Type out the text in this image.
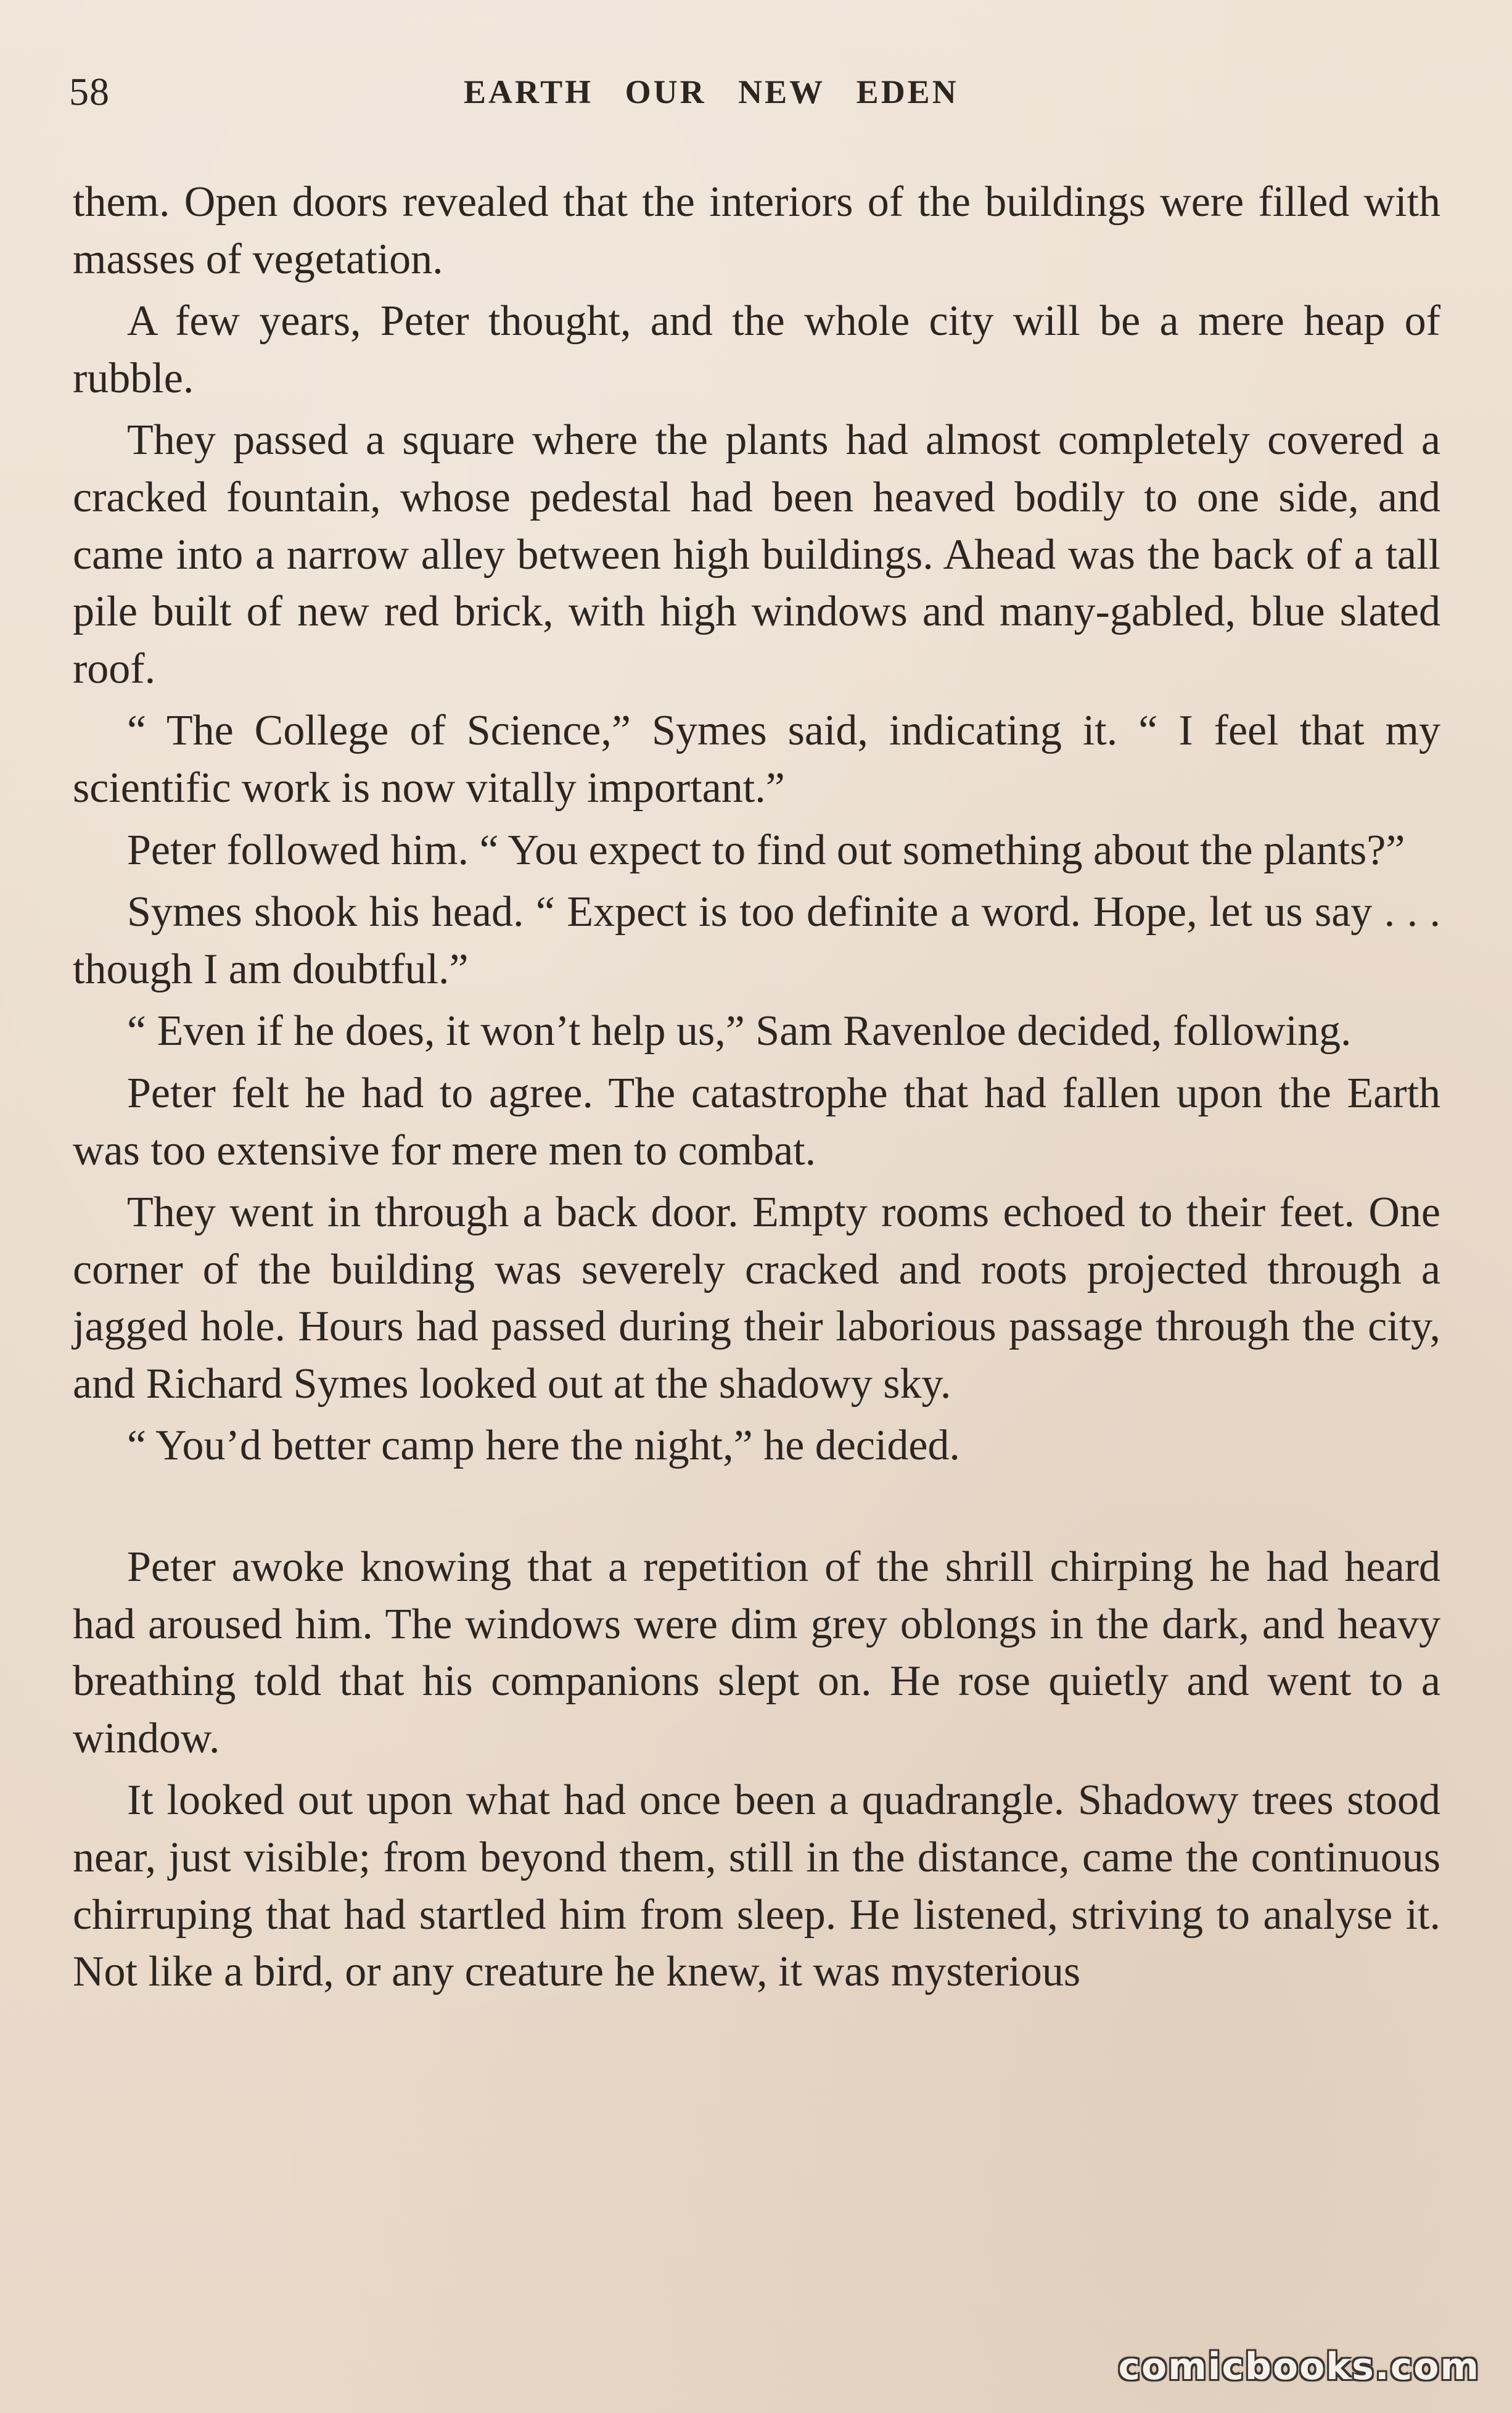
58	EARTH OUR NEW EDEN

them. Open doors revealed that the interiors of the buildings were filled with masses of vegetation.

A few years, Peter thought, and the whole city will be a mere heap of rubble.

They passed a square where the plants had almost completely covered a cracked fountain, whose pedestal had been heaved bodily to one side, and came into a narrow alley between high buildings. Ahead was the back of a tall pile built of new red brick, with high windows and many-gabled, blue slated roof.

“ The College of Science,” Symes said, indicating it. “ I feel that my scientific work is now vitally important.”

Peter followed him. “ You expect to find out something about the plants?”

Symes shook his head. “ Expect is too definite a word. Hope, let us say . . . though I am doubtful.”

“ Even if he does, it won’t help us,” Sam Ravenloe decided, following.

Peter felt he had to agree. The catastrophe that had fallen upon the Earth was too extensive for mere men to combat.

They went in through a back door. Empty rooms echoed to their feet. One corner of the building was severely cracked and roots projected through a jagged hole. Hours had passed during their laborious passage through the city, and Richard Symes looked out at the shadowy sky.

“ You’d better camp here the night,” he decided.

Peter awoke knowing that a repetition of the shrill chirping he had heard had aroused him. The windows were dim grey oblongs in the dark, and heavy breathing told that his companions slept on. He rose quietly and went to a window.

It looked out upon what had once been a quadrangle. Shadowy trees stood near, just visible; from beyond them, still in the distance, came the continuous chirruping that had startled him from sleep. He listened, striving to analyse it. Not like a bird, or any creature he knew, it was mysterious

comicbooks.com
